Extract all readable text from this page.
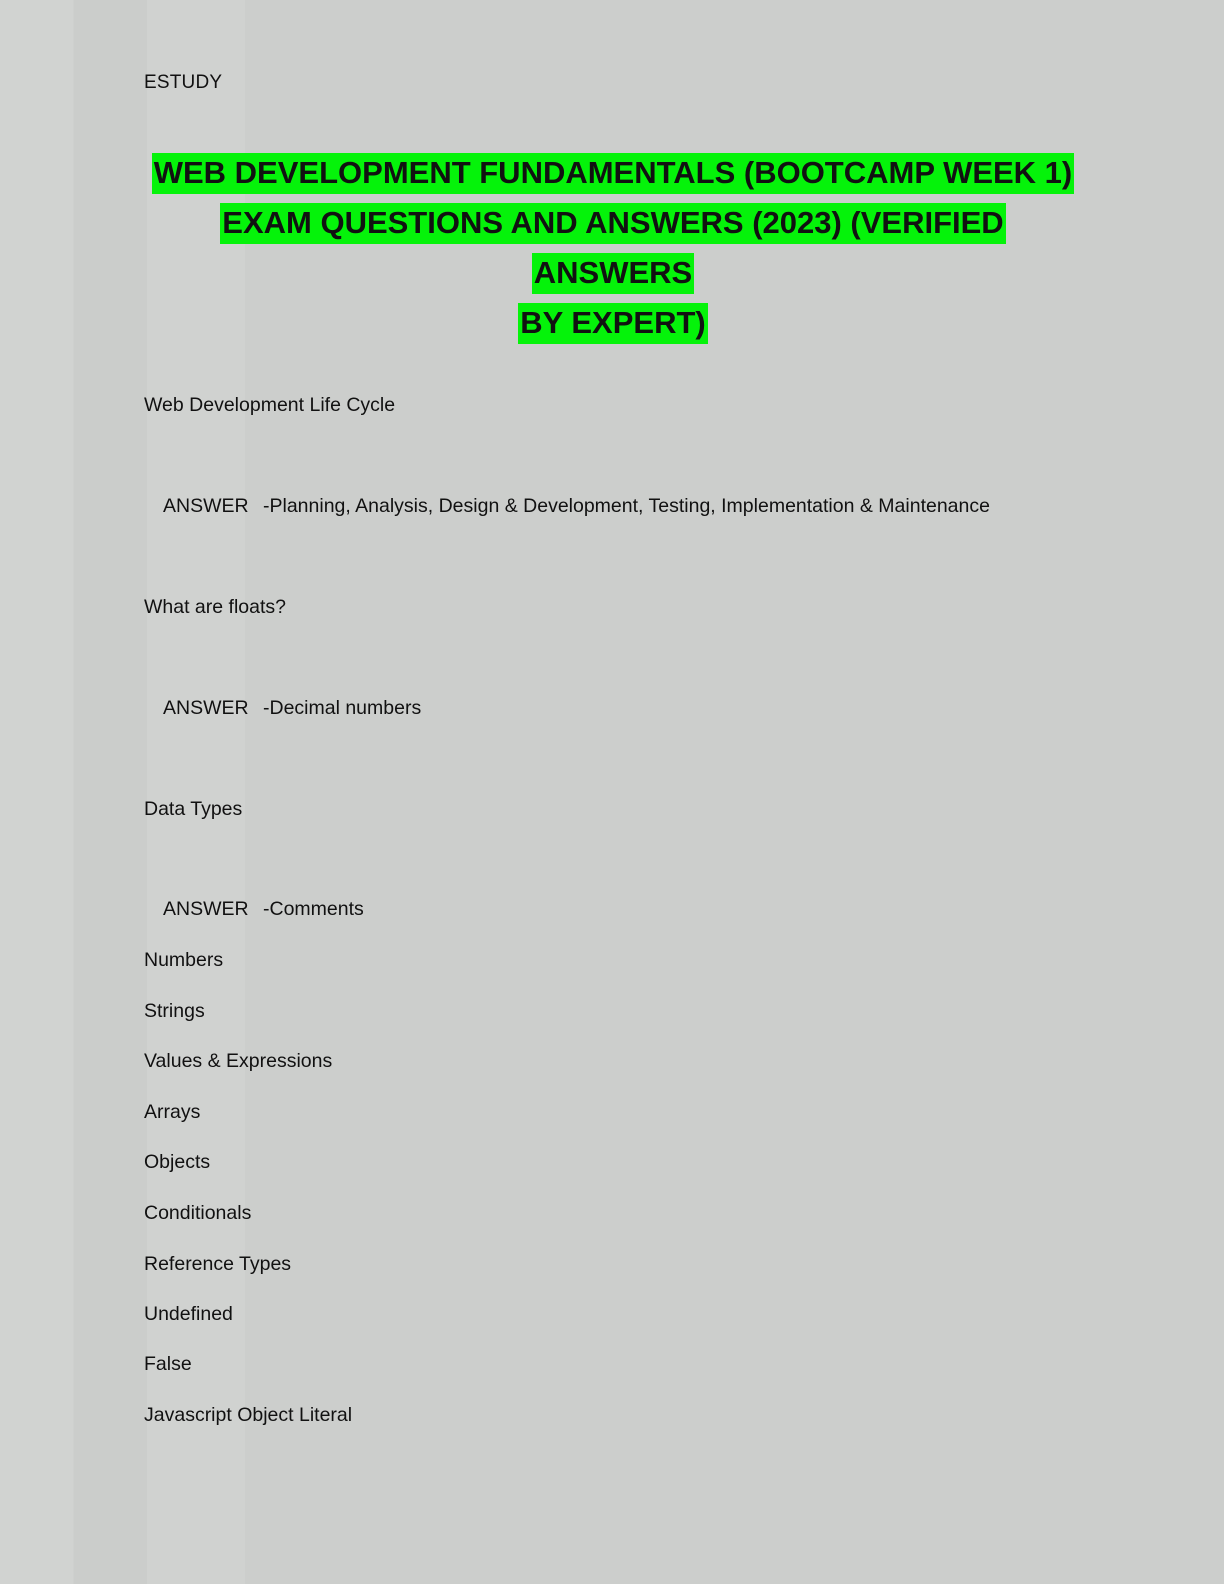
ESTUDY
WEB DEVELOPMENT FUNDAMENTALS (BOOTCAMP WEEK 1)
EXAM QUESTIONS AND ANSWERS (2023) (VERIFIED ANSWERS
BY EXPERT)
Web Development Life Cycle
ANSWER -Planning, Analysis, Design & Development, Testing, Implementation & Maintenance
What are floats?
ANSWER -Decimal numbers
Data Types
ANSWER -Comments
Numbers
Strings
Values & Expressions
Arrays
Objects
Conditionals
Reference Types
Undefined
False
Javascript Object Literal
